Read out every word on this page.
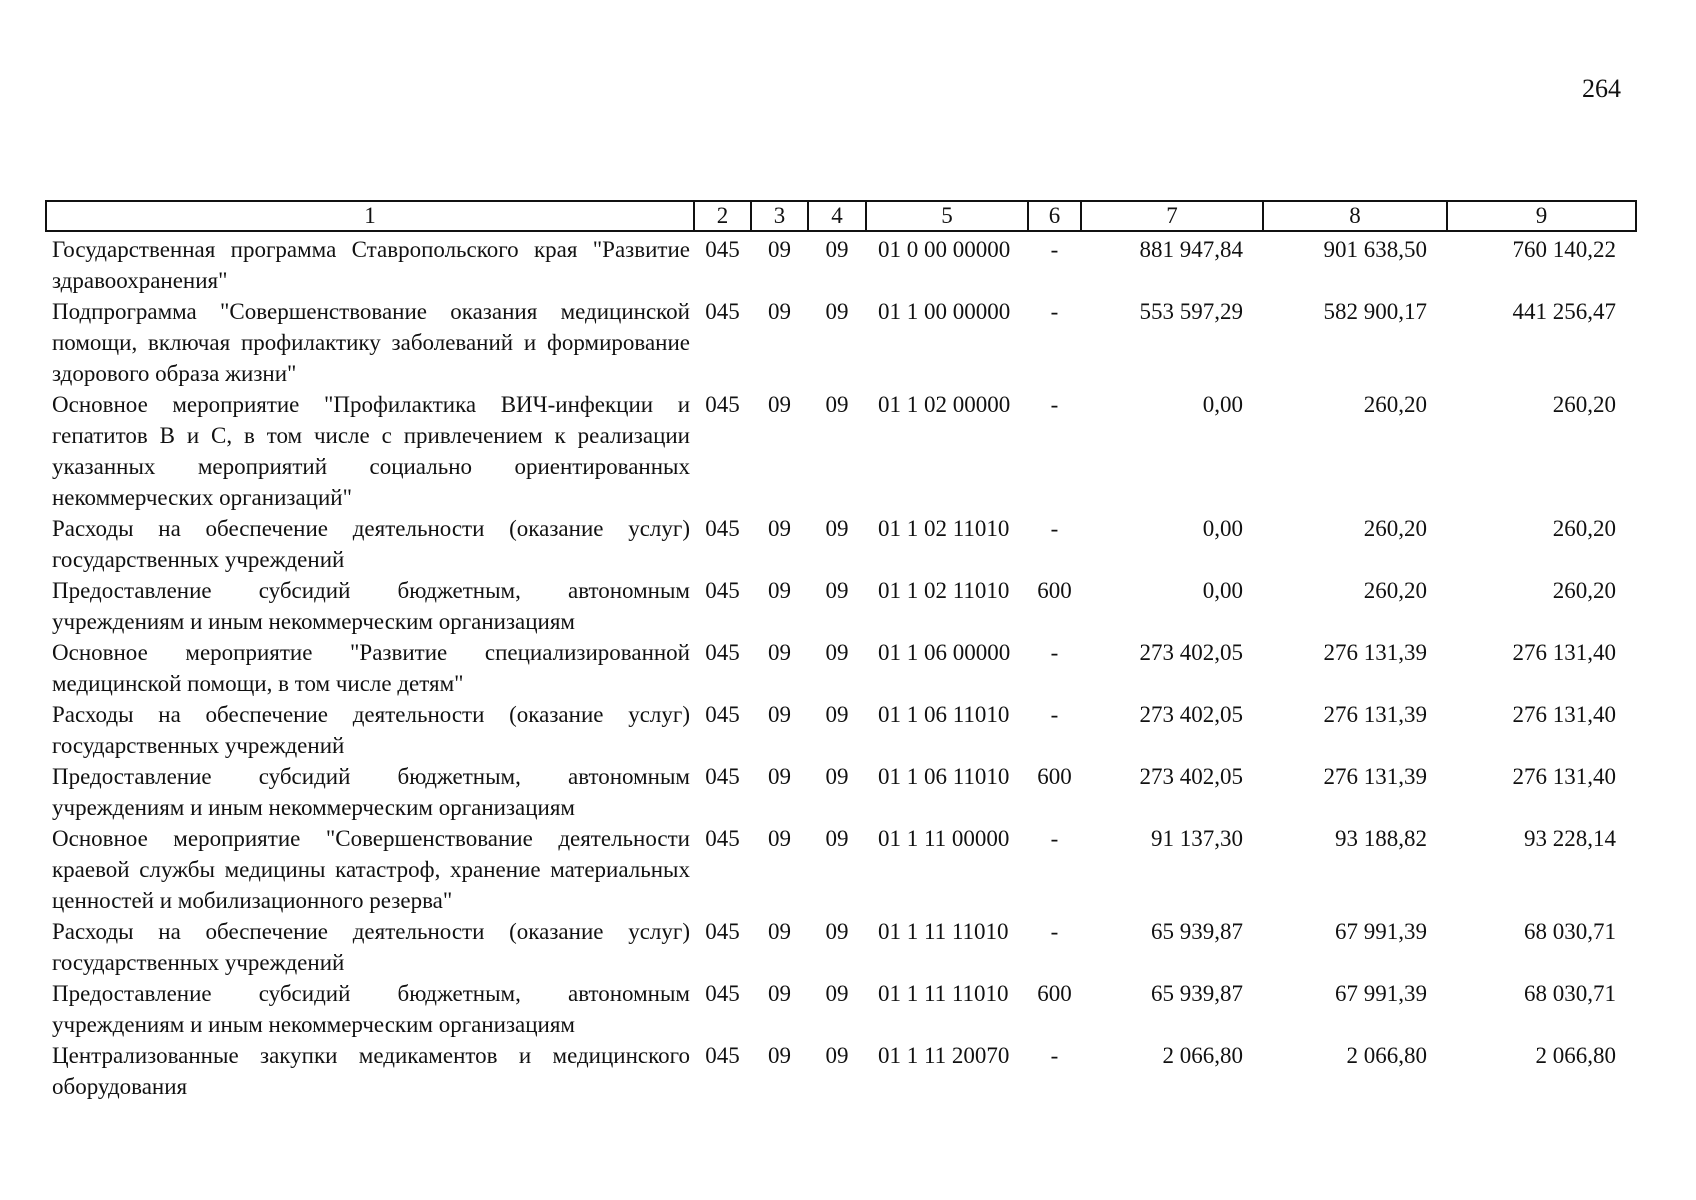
264
1	2	3	4	5	6	7	8	9
Государственная программа Ставропольского края "Развитие здравоохранения"	045	09	09	01 0 00 00000	-	881 947,84	901 638,50	760 140,22
Подпрограмма "Совершенствование оказания медицинской помощи, включая профилактику заболеваний и формирование здорового образа жизни"	045	09	09	01 1 00 00000	-	553 597,29	582 900,17	441 256,47
Основное мероприятие "Профилактика ВИЧ-инфекции и гепатитов В и С, в том числе с привлечением к реализации указанных мероприятий социально ориентированных некоммерческих организаций"	045	09	09	01 1 02 00000	-	0,00	260,20	260,20
Расходы на обеспечение деятельности (оказание услуг) государственных учреждений	045	09	09	01 1 02 11010	-	0,00	260,20	260,20
Предоставление субсидий бюджетным, автономным учреждениям и иным некоммерческим организациям	045	09	09	01 1 02 11010	600	0,00	260,20	260,20
Основное мероприятие "Развитие специализированной медицинской помощи, в том числе детям"	045	09	09	01 1 06 00000	-	273 402,05	276 131,39	276 131,40
Расходы на обеспечение деятельности (оказание услуг) государственных учреждений	045	09	09	01 1 06 11010	-	273 402,05	276 131,39	276 131,40
Предоставление субсидий бюджетным, автономным учреждениям и иным некоммерческим организациям	045	09	09	01 1 06 11010	600	273 402,05	276 131,39	276 131,40
Основное мероприятие "Совершенствование деятельности краевой службы медицины катастроф, хранение материальных ценностей и мобилизационного резерва"	045	09	09	01 1 11 00000	-	91 137,30	93 188,82	93 228,14
Расходы на обеспечение деятельности (оказание услуг) государственных учреждений	045	09	09	01 1 11 11010	-	65 939,87	67 991,39	68 030,71
Предоставление субсидий бюджетным, автономным учреждениям и иным некоммерческим организациям	045	09	09	01 1 11 11010	600	65 939,87	67 991,39	68 030,71
Централизованные закупки медикаментов и медицинского оборудования	045	09	09	01 1 11 20070	-	2 066,80	2 066,80	2 066,80
